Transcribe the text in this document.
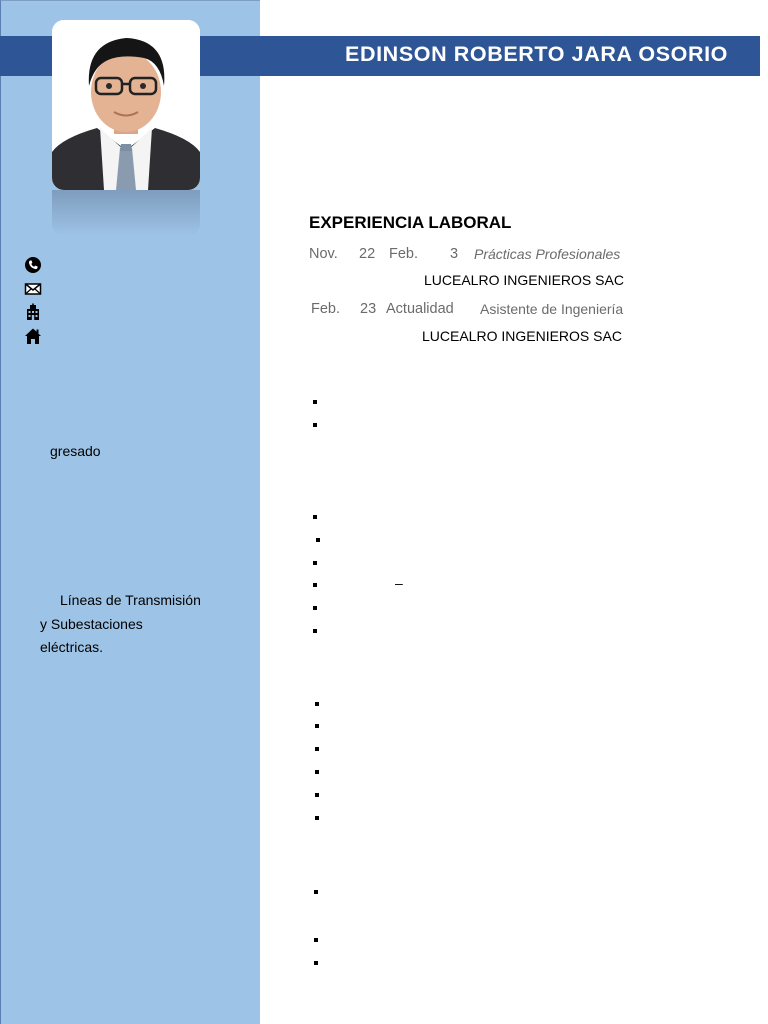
EDINSON ROBERTO JARA OSORIO
gresado
Líneas de Transmisión
y Subestaciones
eléctricas.
EXPERIENCIA LABORAL
Nov. 22 Feb. 3 Prácticas Profesionales
LUCEALRO INGENIEROS SAC
Feb. 23 Actualidad Asistente de Ingeniería
LUCEALRO INGENIEROS SAC
–
